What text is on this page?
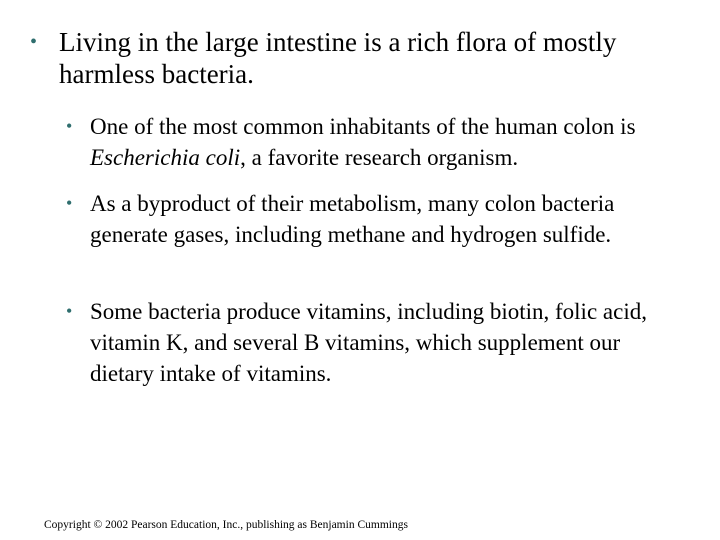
• Living in the large intestine is a rich flora of mostly harmless bacteria.
• One of the most common inhabitants of the human colon is Escherichia coli, a favorite research organism.
• As a byproduct of their metabolism, many colon bacteria generate gases, including methane and hydrogen sulfide.
• Some bacteria produce vitamins, including biotin, folic acid, vitamin K, and several B vitamins, which supplement our dietary intake of vitamins.
Copyright © 2002 Pearson Education, Inc., publishing as Benjamin Cummings
